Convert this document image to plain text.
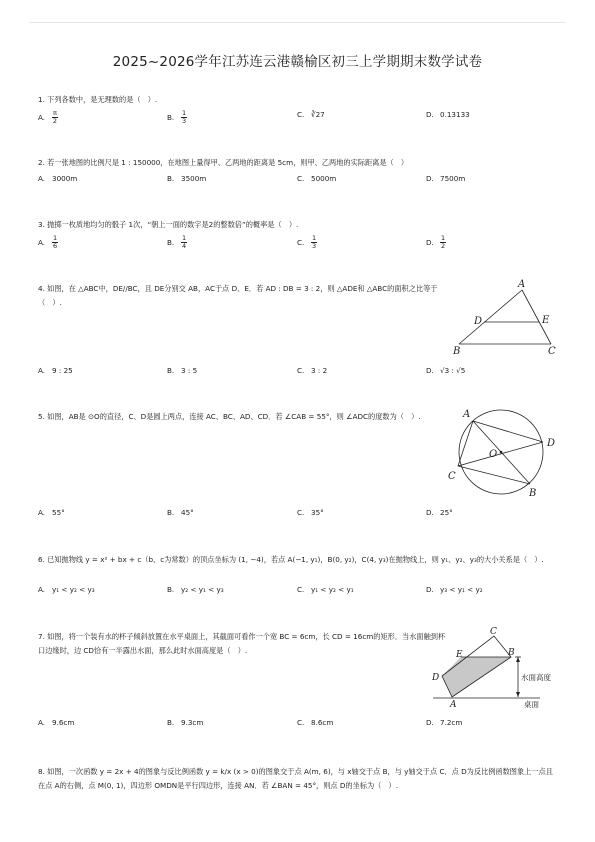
2025~2026学年江苏连云港赣榆区初三上学期期末数学试卷
1. 下列各数中，是无理数的是（　）.
A. $\frac{\pi}{2}$	B. $\frac{1}{3}$	C. ∛27	D. 0.13133
2. 若一张地图的比例尺是 1 : 150000，在地图上量得甲、乙两地的距离是 5cm，则甲、乙两地的实际距离是（　）
A. 3000m	B. 3500m	C. 5000m	D. 7500m
3. 抛掷一枚质地均匀的骰子 1次，“朝上一面的数字是2的整数倍”的概率是（　）.
A. $\frac{1}{6}$	B. $\frac{1}{4}$	C. $\frac{1}{3}$	D. $\frac{1}{2}$
4. 如图，在 △ABC中，DE//BC，且 DE分别交 AB，AC于点 D、E．若 AD : DB = 3 : 2，则 △ADE和 △ABC的面积之比等于（　）.
A
D	E
B	C
A. 9 : 25	B. 3 : 5	C. 3 : 2	D. √3 : √5
5. 如图，AB是 ⊙O的直径，C、D是圆上两点，连接 AC、BC、AD、CD．若 ∠CAB = 55°，则 ∠ADC的度数为（　）.	A
D
O
C
B
A. 55°	B. 45°	C. 35°	D. 25°
6. 已知抛物线 y = x² + bx + c（b、c为常数）的顶点坐标为 (1, −4)，若点 A(−1, y₁)，B(0, y₂)，C(4, y₃)在抛物线上，则 y₁、y₂、y₃的大小关系是（　）.
A. y₁ < y₂ < y₃	B. y₂ < y₁ < y₃	C. y₁ < y₂ < y₁	D. y₃ < y₁ < y₂
7. 如图，将一个装有水的杯子倾斜放置在水平桌面上，其截面可看作一个宽 BC = 6cm，长 CD = 16cm的矩形．当水面触到杯口边缘时，边 CD恰有一半露出水面，那么此时水面高度是（　）.
C
E	B
D
A
水面高度
桌面
A. 9.6cm	B. 9.3cm	C. 8.6cm	D. 7.2cm
8. 如图，一次函数 y = 2x + 4的图象与反比例函数 y = k/x (x > 0)的图象交于点 A(m, 6)，与 x轴交于点 B，与 y轴交于点 C．点 D为反比例函数图象上一点且在点 A的右侧，点 M(0, 1)，四边形 OMDN是平行四边形，连接 AN．若 ∠BAN = 45°，则点 D的坐标为（　）.
